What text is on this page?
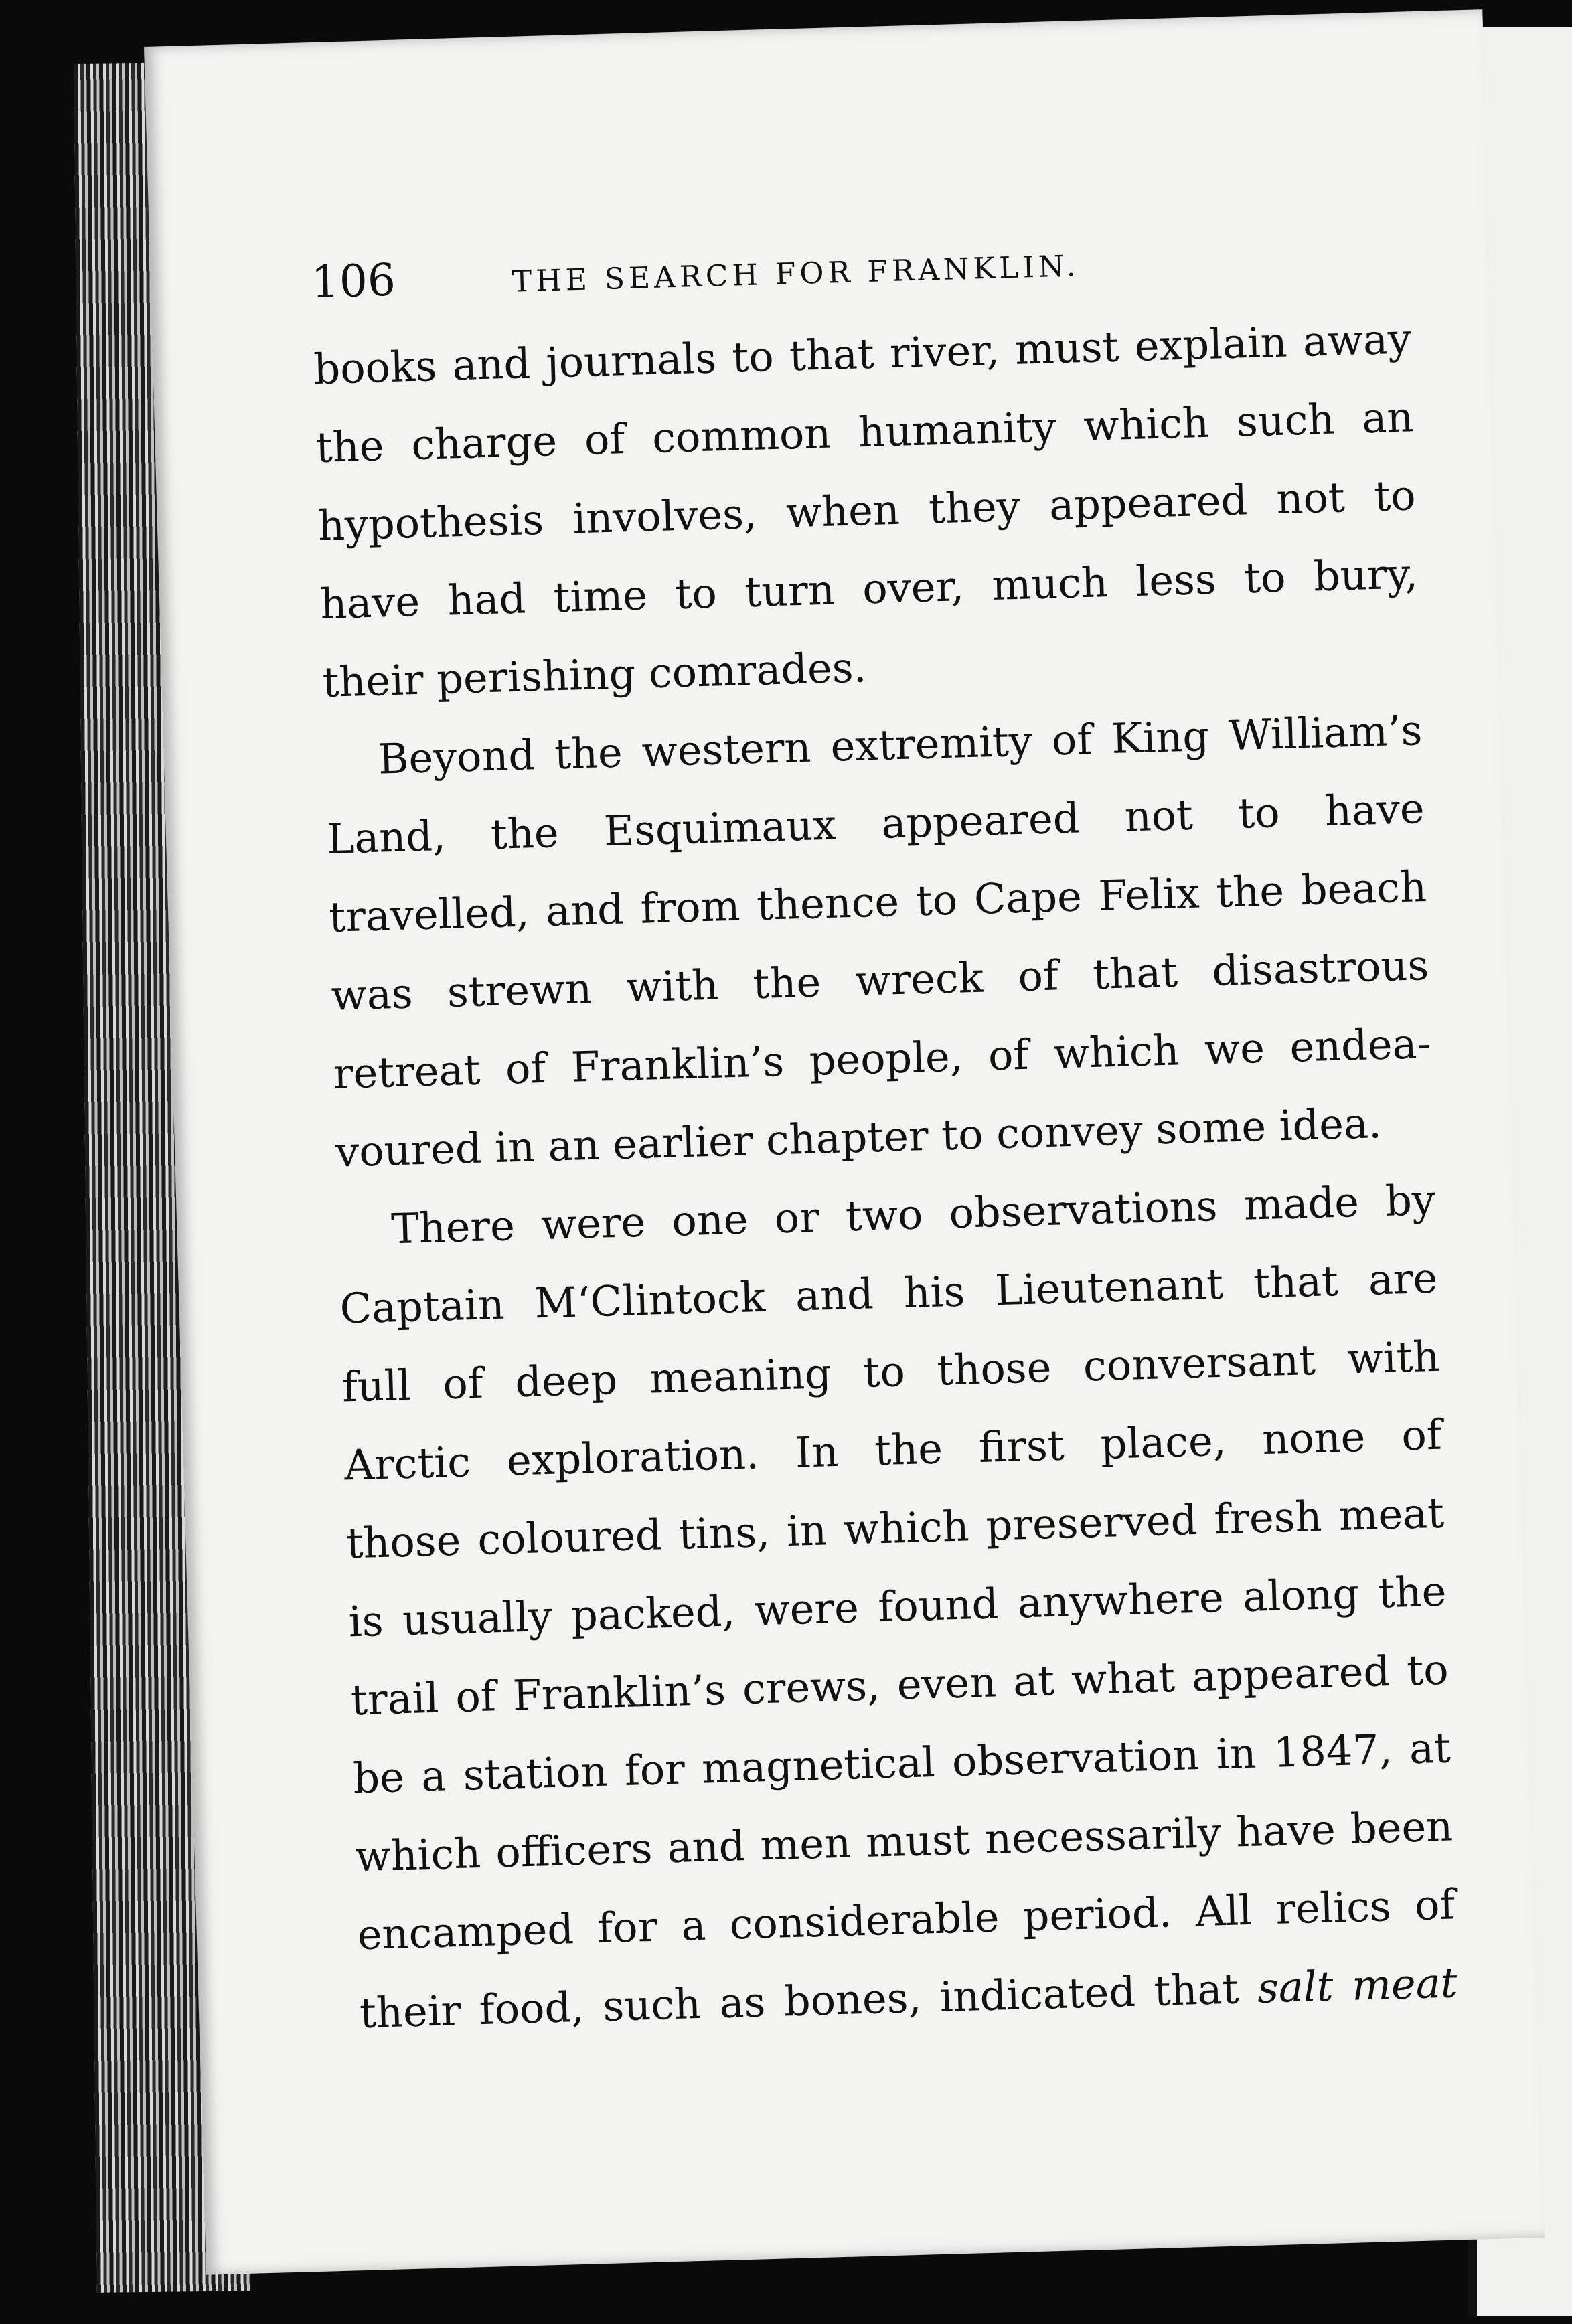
106	THE SEARCH FOR FRANKLIN.

books and journals to that river, must explain away
the charge of common humanity which such an
hypothesis involves, when they appeared not to
have had time to turn over, much less to bury,
their perishing comrades.

Beyond the western extremity of King William’s
Land, the Esquimaux appeared not to have
travelled, and from thence to Cape Felix the beach
was strewn with the wreck of that disastrous
retreat of Franklin’s people, of which we endea-
voured in an earlier chapter to convey some idea.

There were one or two observations made by
Captain M‘Clintock and his Lieutenant that are
full of deep meaning to those conversant with
Arctic exploration. In the first place, none of
those coloured tins, in which preserved fresh meat
is usually packed, were found anywhere along the
trail of Franklin’s crews, even at what appeared to
be a station for magnetical observation in 1847, at
which officers and men must necessarily have been
encamped for a considerable period. All relics of
their food, such as bones, indicated that salt meat
